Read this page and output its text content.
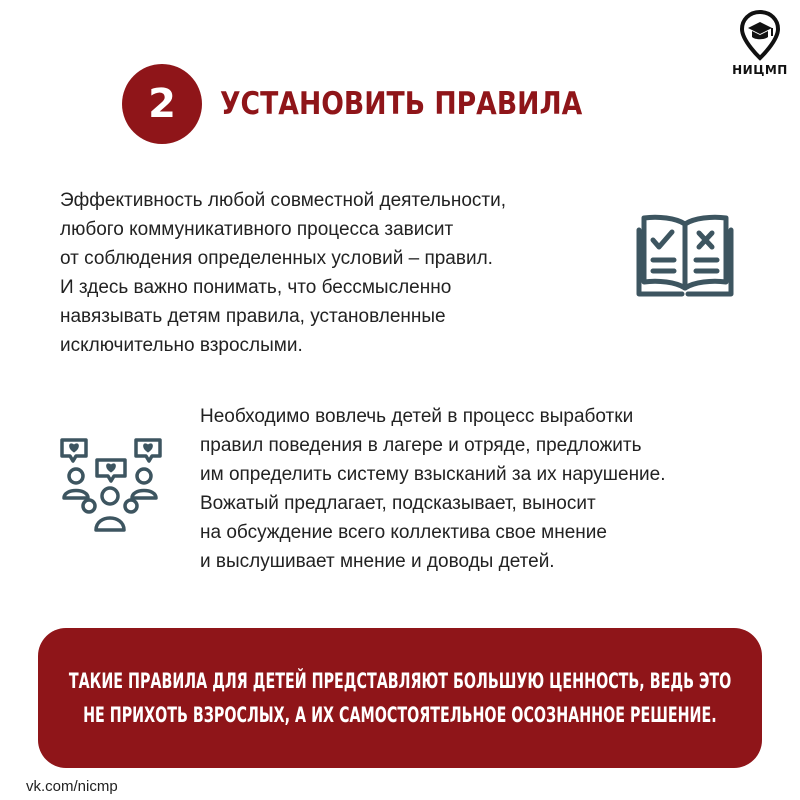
НИЦМП
2 УСТАНОВИТЬ ПРАВИЛА

Эффективность любой совместной деятельности,
любого коммуникативного процесса зависит
от соблюдения определенных условий – правил.
И здесь важно понимать, что бессмысленно
навязывать детям правила, установленные
исключительно взрослыми.

Необходимо вовлечь детей в процесс выработки
правил поведения в лагере и отряде, предложить
им определить систему взысканий за их нарушение.
Вожатый предлагает, подсказывает, выносит
на обсуждение всего коллектива свое мнение
и выслушивает мнение и доводы детей.

ТАКИЕ ПРАВИЛА ДЛЯ ДЕТЕЙ ПРЕДСТАВЛЯЮТ БОЛЬШУЮ ЦЕННОСТЬ, ВЕДЬ ЭТО
НЕ ПРИХОТЬ ВЗРОСЛЫХ, А ИХ САМОСТОЯТЕЛЬНОЕ ОСОЗНАННОЕ РЕШЕНИЕ.
vk.com/nicmp
